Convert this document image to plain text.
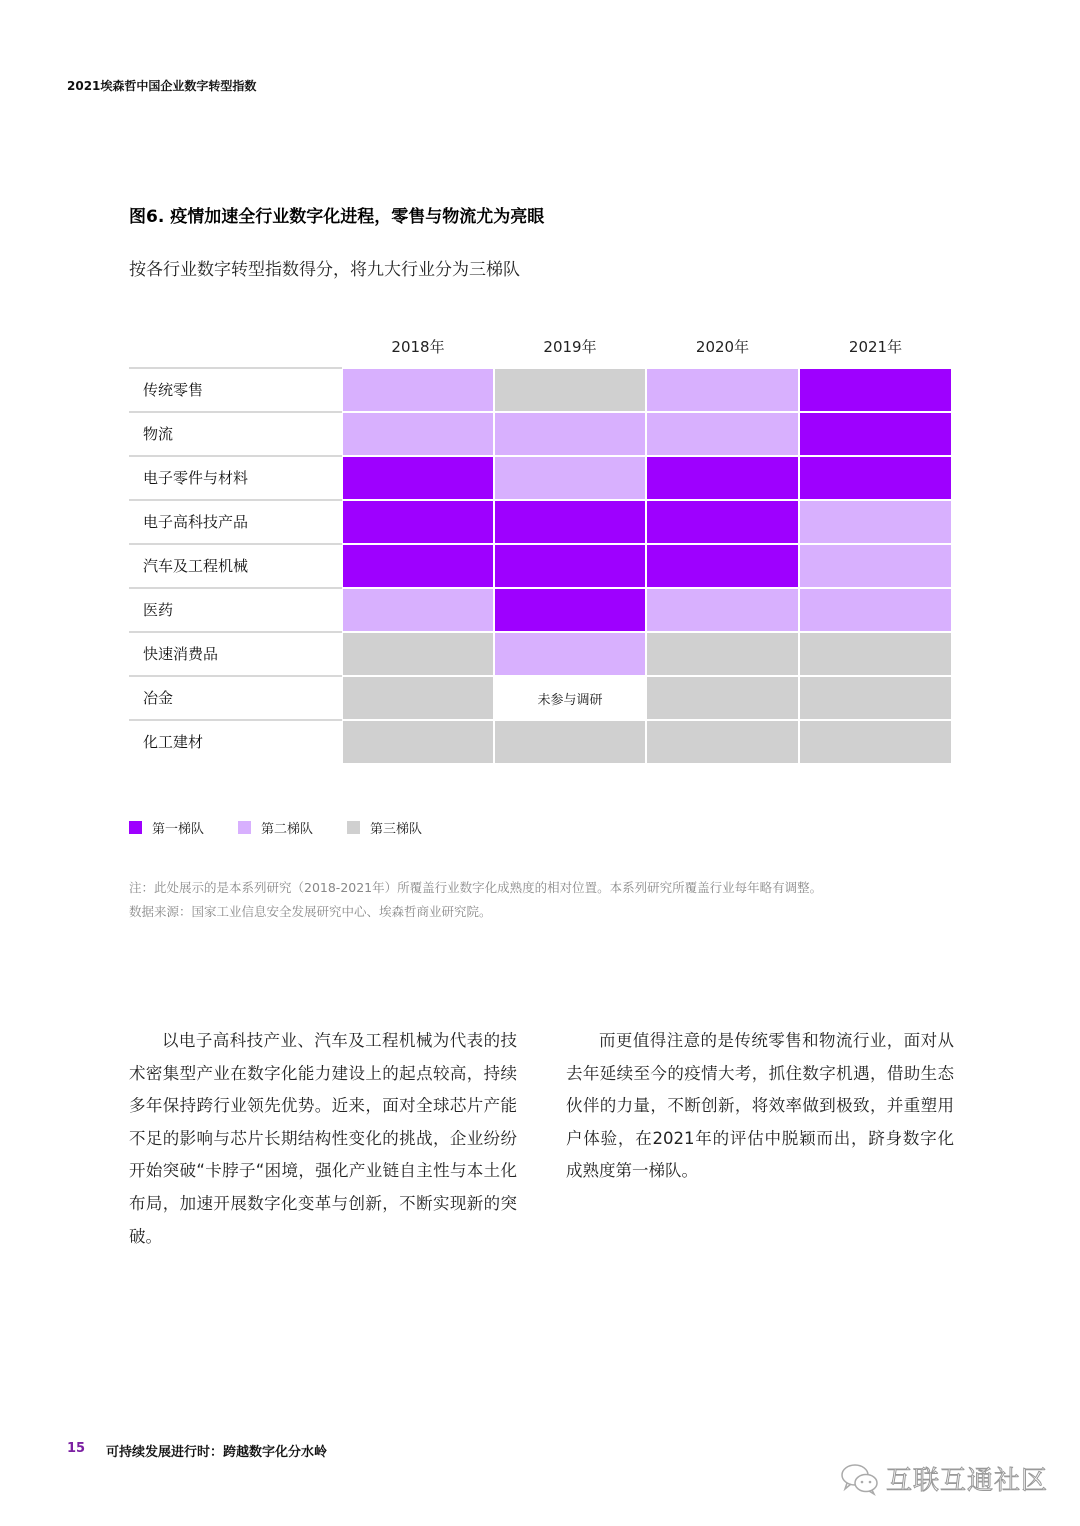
2021埃森哲中国企业数字转型指数
图6. 疫情加速全行业数字化进程，零售与物流尤为亮眼
按各行业数字转型指数得分，将九大行业分为三梯队
2018年	2019年	2020年	2021年
传统零售
物流
电子零件与材料
电子高科技产品
汽车及工程机械
医药
快速消费品
冶金	未参与调研
化工建材
第一梯队	第二梯队	第三梯队
注：此处展示的是本系列研究（2018-2021年）所覆盖行业数字化成熟度的相对位置。本系列研究所覆盖行业每年略有调整。
数据来源：国家工业信息安全发展研究中心、埃森哲商业研究院。

以电子高科技产业、汽车及工程机械为代表的技术密集型产业在数字化能力建设上的起点较高，持续多年保持跨行业领先优势。近来，面对全球芯片产能不足的影响与芯片长期结构性变化的挑战，企业纷纷开始突破“卡脖子“困境，强化产业链自主性与本土化布局，加速开展数字化变革与创新，不断实现新的突破。

而更值得注意的是传统零售和物流行业，面对从去年延续至今的疫情大考，抓住数字机遇，借助生态伙伴的力量，不断创新，将效率做到极致，并重塑用户体验，在2021年的评估中脱颖而出，跻身数字化成熟度第一梯队。

15 可持续发展进行时：跨越数字化分水岭
互联互通社区
